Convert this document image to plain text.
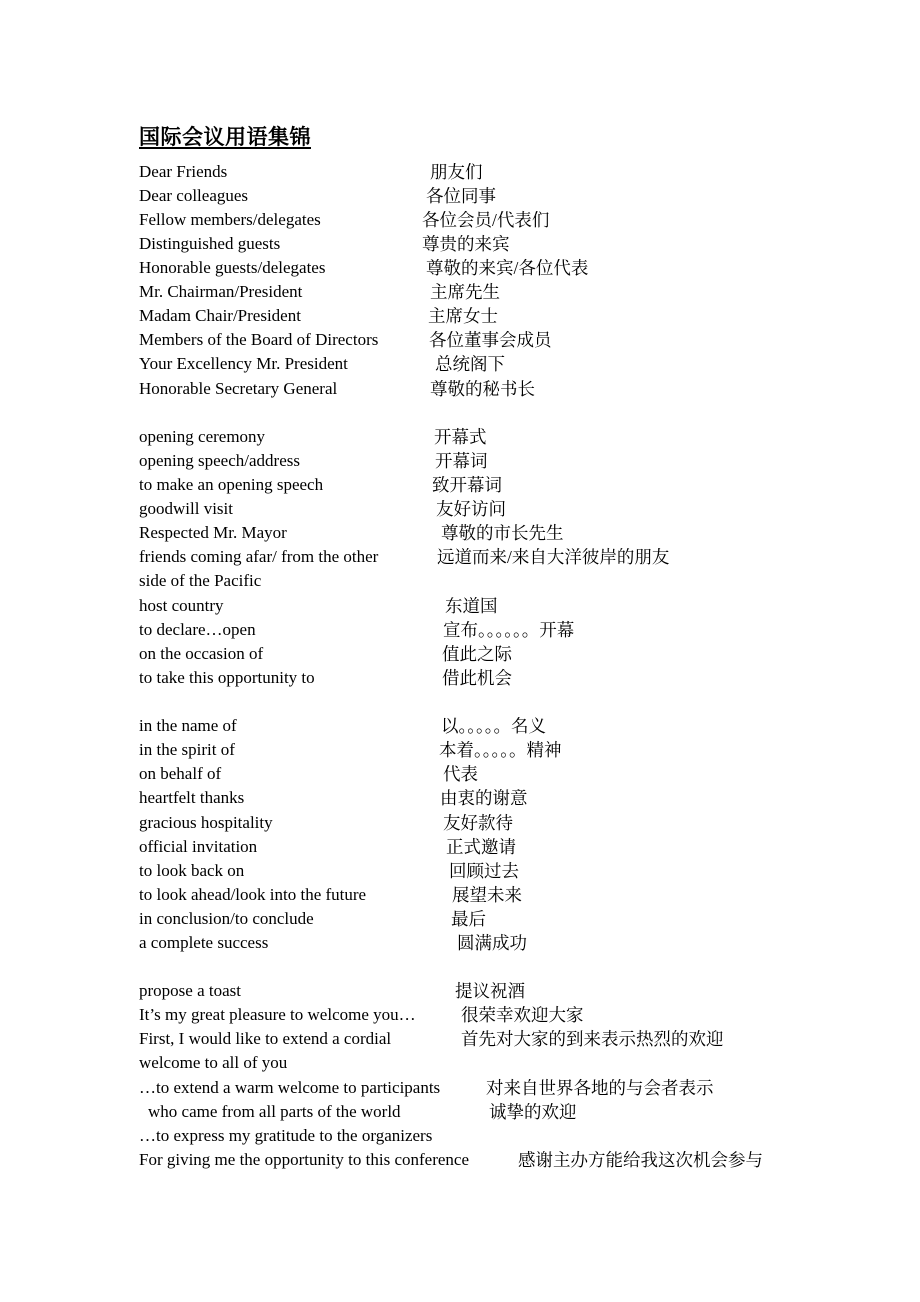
国际会议用语集锦
Dear Friends	朋友们
Dear colleagues	各位同事
Fellow members/delegates	各位会员/代表们
Distinguished guests	尊贵的来宾
Honorable guests/delegates	尊敬的来宾/各位代表
Mr. Chairman/President	主席先生
Madam Chair/President	主席女士
Members of the Board of Directors	各位董事会成员
Your Excellency Mr. President	总统阁下
Honorable Secretary General	尊敬的秘书长
opening ceremony	开幕式
opening speech/address	开幕词
to make an opening speech	致开幕词
goodwill visit	友好访问
Respected Mr. Mayor	尊敬的市长先生
friends coming afar/ from the other	远道而来/来自大洋彼岸的朋友
side of the Pacific
host country	东道国
to declare…open	宣布。。。。。。开幕
on the occasion of	值此之际
to take this opportunity to	借此机会
in the name of	以。。。。。名义
in the spirit of	本着。。。。。精神
on behalf of	代表
heartfelt thanks	由衷的谢意
gracious hospitality	友好款待
official invitation	正式邀请
to look back on	回顾过去
to look ahead/look into the future	展望未来
in conclusion/to conclude	最后
a complete success	圆满成功
propose a toast	提议祝酒
It’s my great pleasure to welcome you…	很荣幸欢迎大家
First, I would like to extend a cordial	首先对大家的到来表示热烈的欢迎
welcome to all of you
…to extend a warm welcome to participants	对来自世界各地的与会者表示
who came from all parts of the world	诚挚的欢迎
…to express my gratitude to the organizers
For giving me the opportunity to this conference	感谢主办方能给我这次机会参与
